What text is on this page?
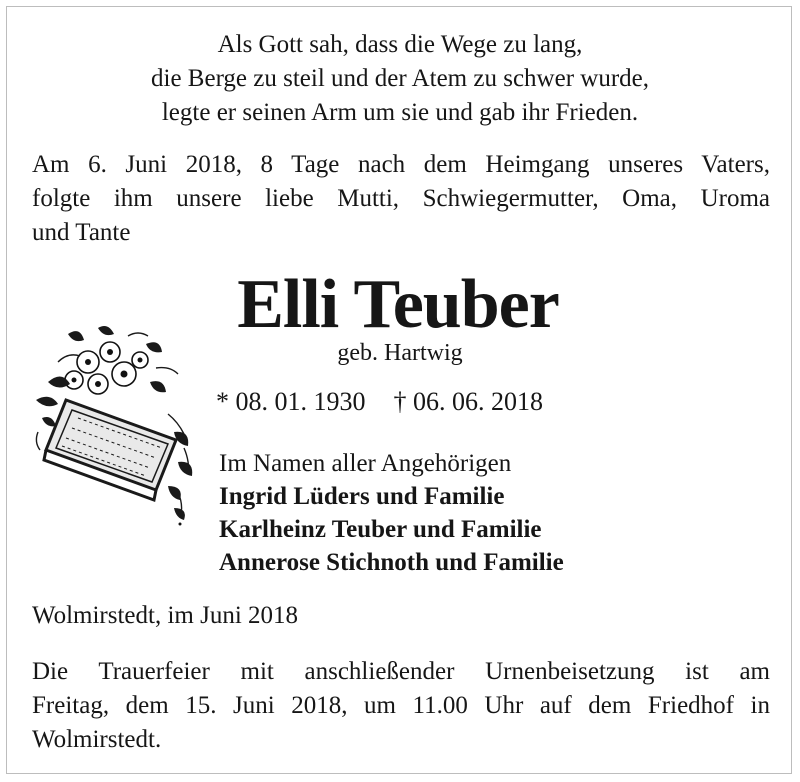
Als Gott sah, dass die Wege zu lang,
die Berge zu steil und der Atem zu schwer wurde,
legte er seinen Arm um sie und gab ihr Frieden.
Am 6. Juni 2018, 8 Tage nach dem Heimgang unseres Vaters,
folgte ihm unsere liebe Mutti, Schwiegermutter, Oma, Uroma
und Tante
Elli Teuber
geb. Hartwig
* 08. 01. 1930 † 06. 06. 2018
Im Namen aller Angehörigen
Ingrid Lüders und Familie
Karlheinz Teuber und Familie
Annerose Stichnoth und Familie
Wolmirstedt, im Juni 2018
Die Trauerfeier mit anschließender Urnenbeisetzung ist am
Freitag, dem 15. Juni 2018, um 11.00 Uhr auf dem Friedhof in
Wolmirstedt.
